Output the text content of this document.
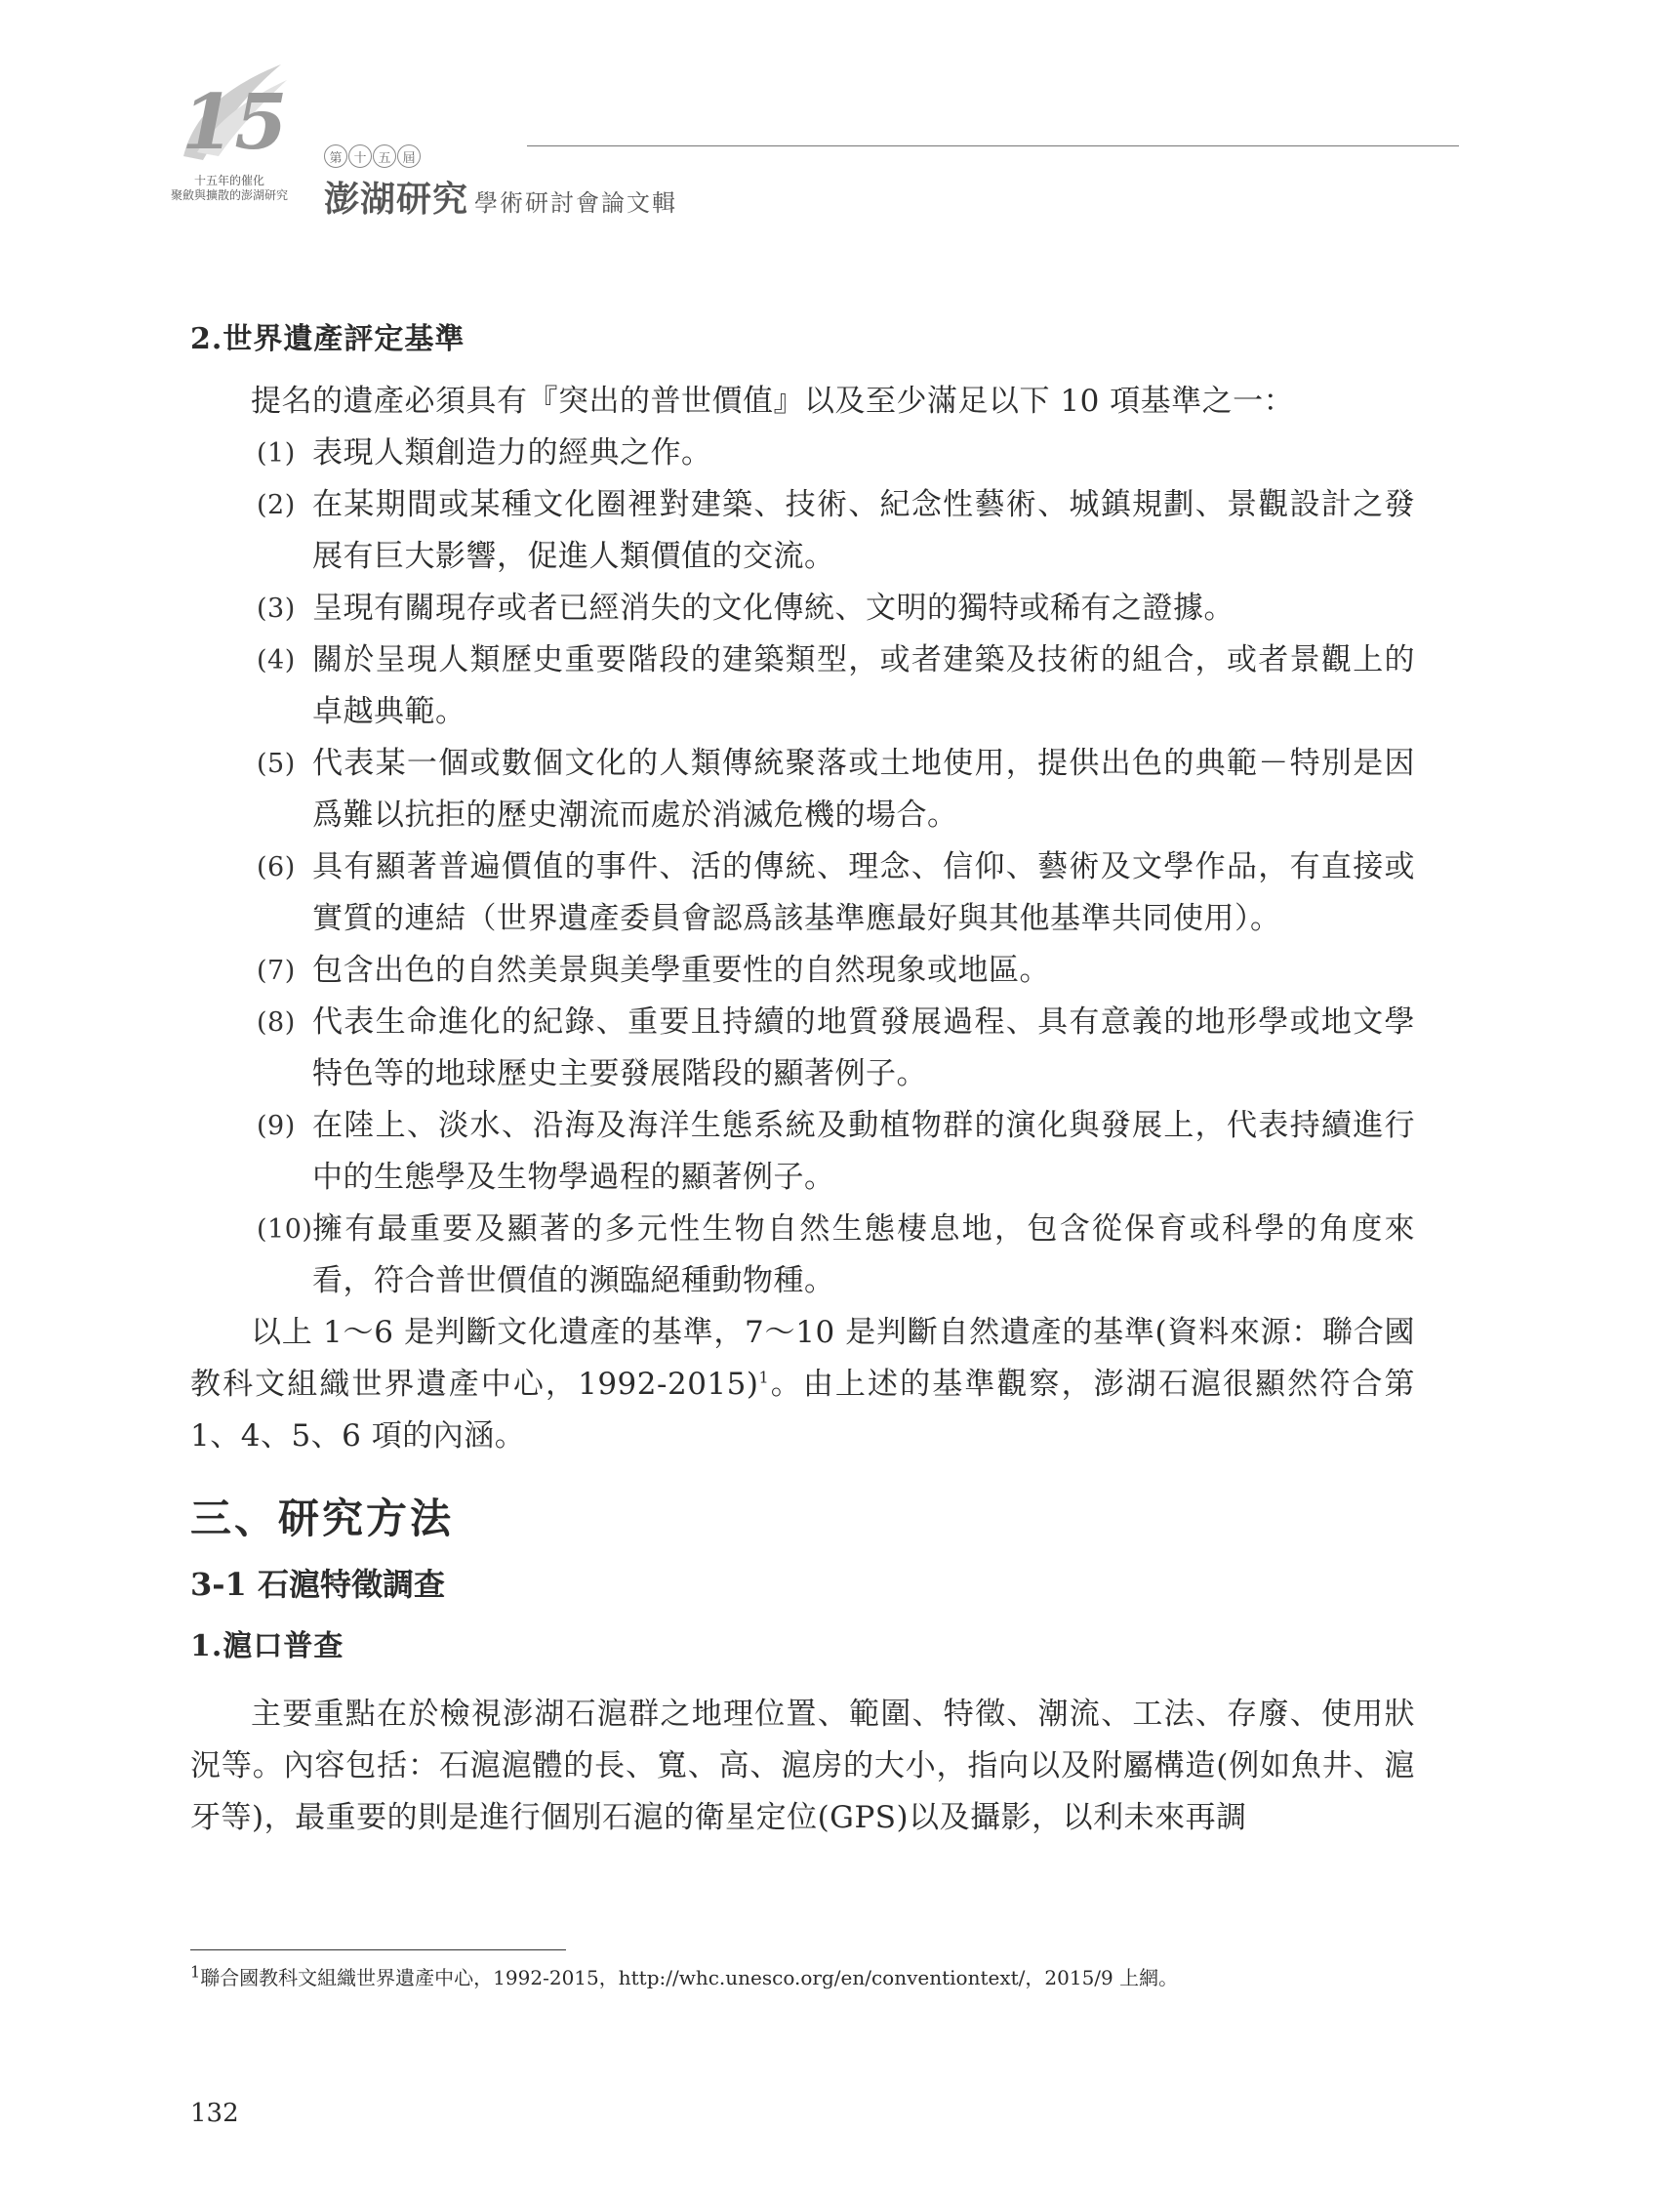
15
十五年的催化
聚斂與擴散的澎湖研究
第 十 五 屆
澎湖研究 學術研討會論文輯
2.世界遺產評定基準

提名的遺產必須具有『突出的普世價值』以及至少滿足以下 10 項基準之一：

(1) 表現人類創造力的經典之作。
(2) 在某期間或某種文化圈裡對建築、技術、紀念性藝術、城鎮規劃、景觀設計之發展有巨大影響，促進人類價值的交流。
(3) 呈現有關現存或者已經消失的文化傳統、文明的獨特或稀有之證據。
(4) 關於呈現人類歷史重要階段的建築類型，或者建築及技術的組合，或者景觀上的卓越典範。
(5) 代表某一個或數個文化的人類傳統聚落或土地使用，提供出色的典範－特別是因爲難以抗拒的歷史潮流而處於消滅危機的場合。
(6) 具有顯著普遍價值的事件、活的傳統、理念、信仰、藝術及文學作品，有直接或實質的連結（世界遺產委員會認爲該基準應最好與其他基準共同使用）。
(7) 包含出色的自然美景與美學重要性的自然現象或地區。
(8) 代表生命進化的紀錄、重要且持續的地質發展過程、具有意義的地形學或地文學特色等的地球歷史主要發展階段的顯著例子。
(9) 在陸上、淡水、沿海及海洋生態系統及動植物群的演化與發展上，代表持續進行中的生態學及生物學過程的顯著例子。
(10) 擁有最重要及顯著的多元性生物自然生態棲息地，包含從保育或科學的角度來看，符合普世價值的瀕臨絕種動物種。

以上 1～6 是判斷文化遺產的基準，7～10 是判斷自然遺產的基準(資料來源：聯合國教科文組織世界遺產中心，1992-2015)$^1$。由上述的基準觀察，澎湖石滬很顯然符合第 1、4、5、6 項的內涵。

三、研究方法
3-1 石滬特徵調查
1.滬口普查

主要重點在於檢視澎湖石滬群之地理位置、範圍、特徵、潮流、工法、存廢、使用狀況等。內容包括：石滬滬體的長、寬、高、滬房的大小，指向以及附屬構造(例如魚井、滬牙等)，最重要的則是進行個別石滬的衛星定位(GPS)以及攝影，以利未來再調

$^1$聯合國教科文組織世界遺產中心，1992-2015，http://whc.unesco.org/en/conventiontext/，2015/9 上網。
132
